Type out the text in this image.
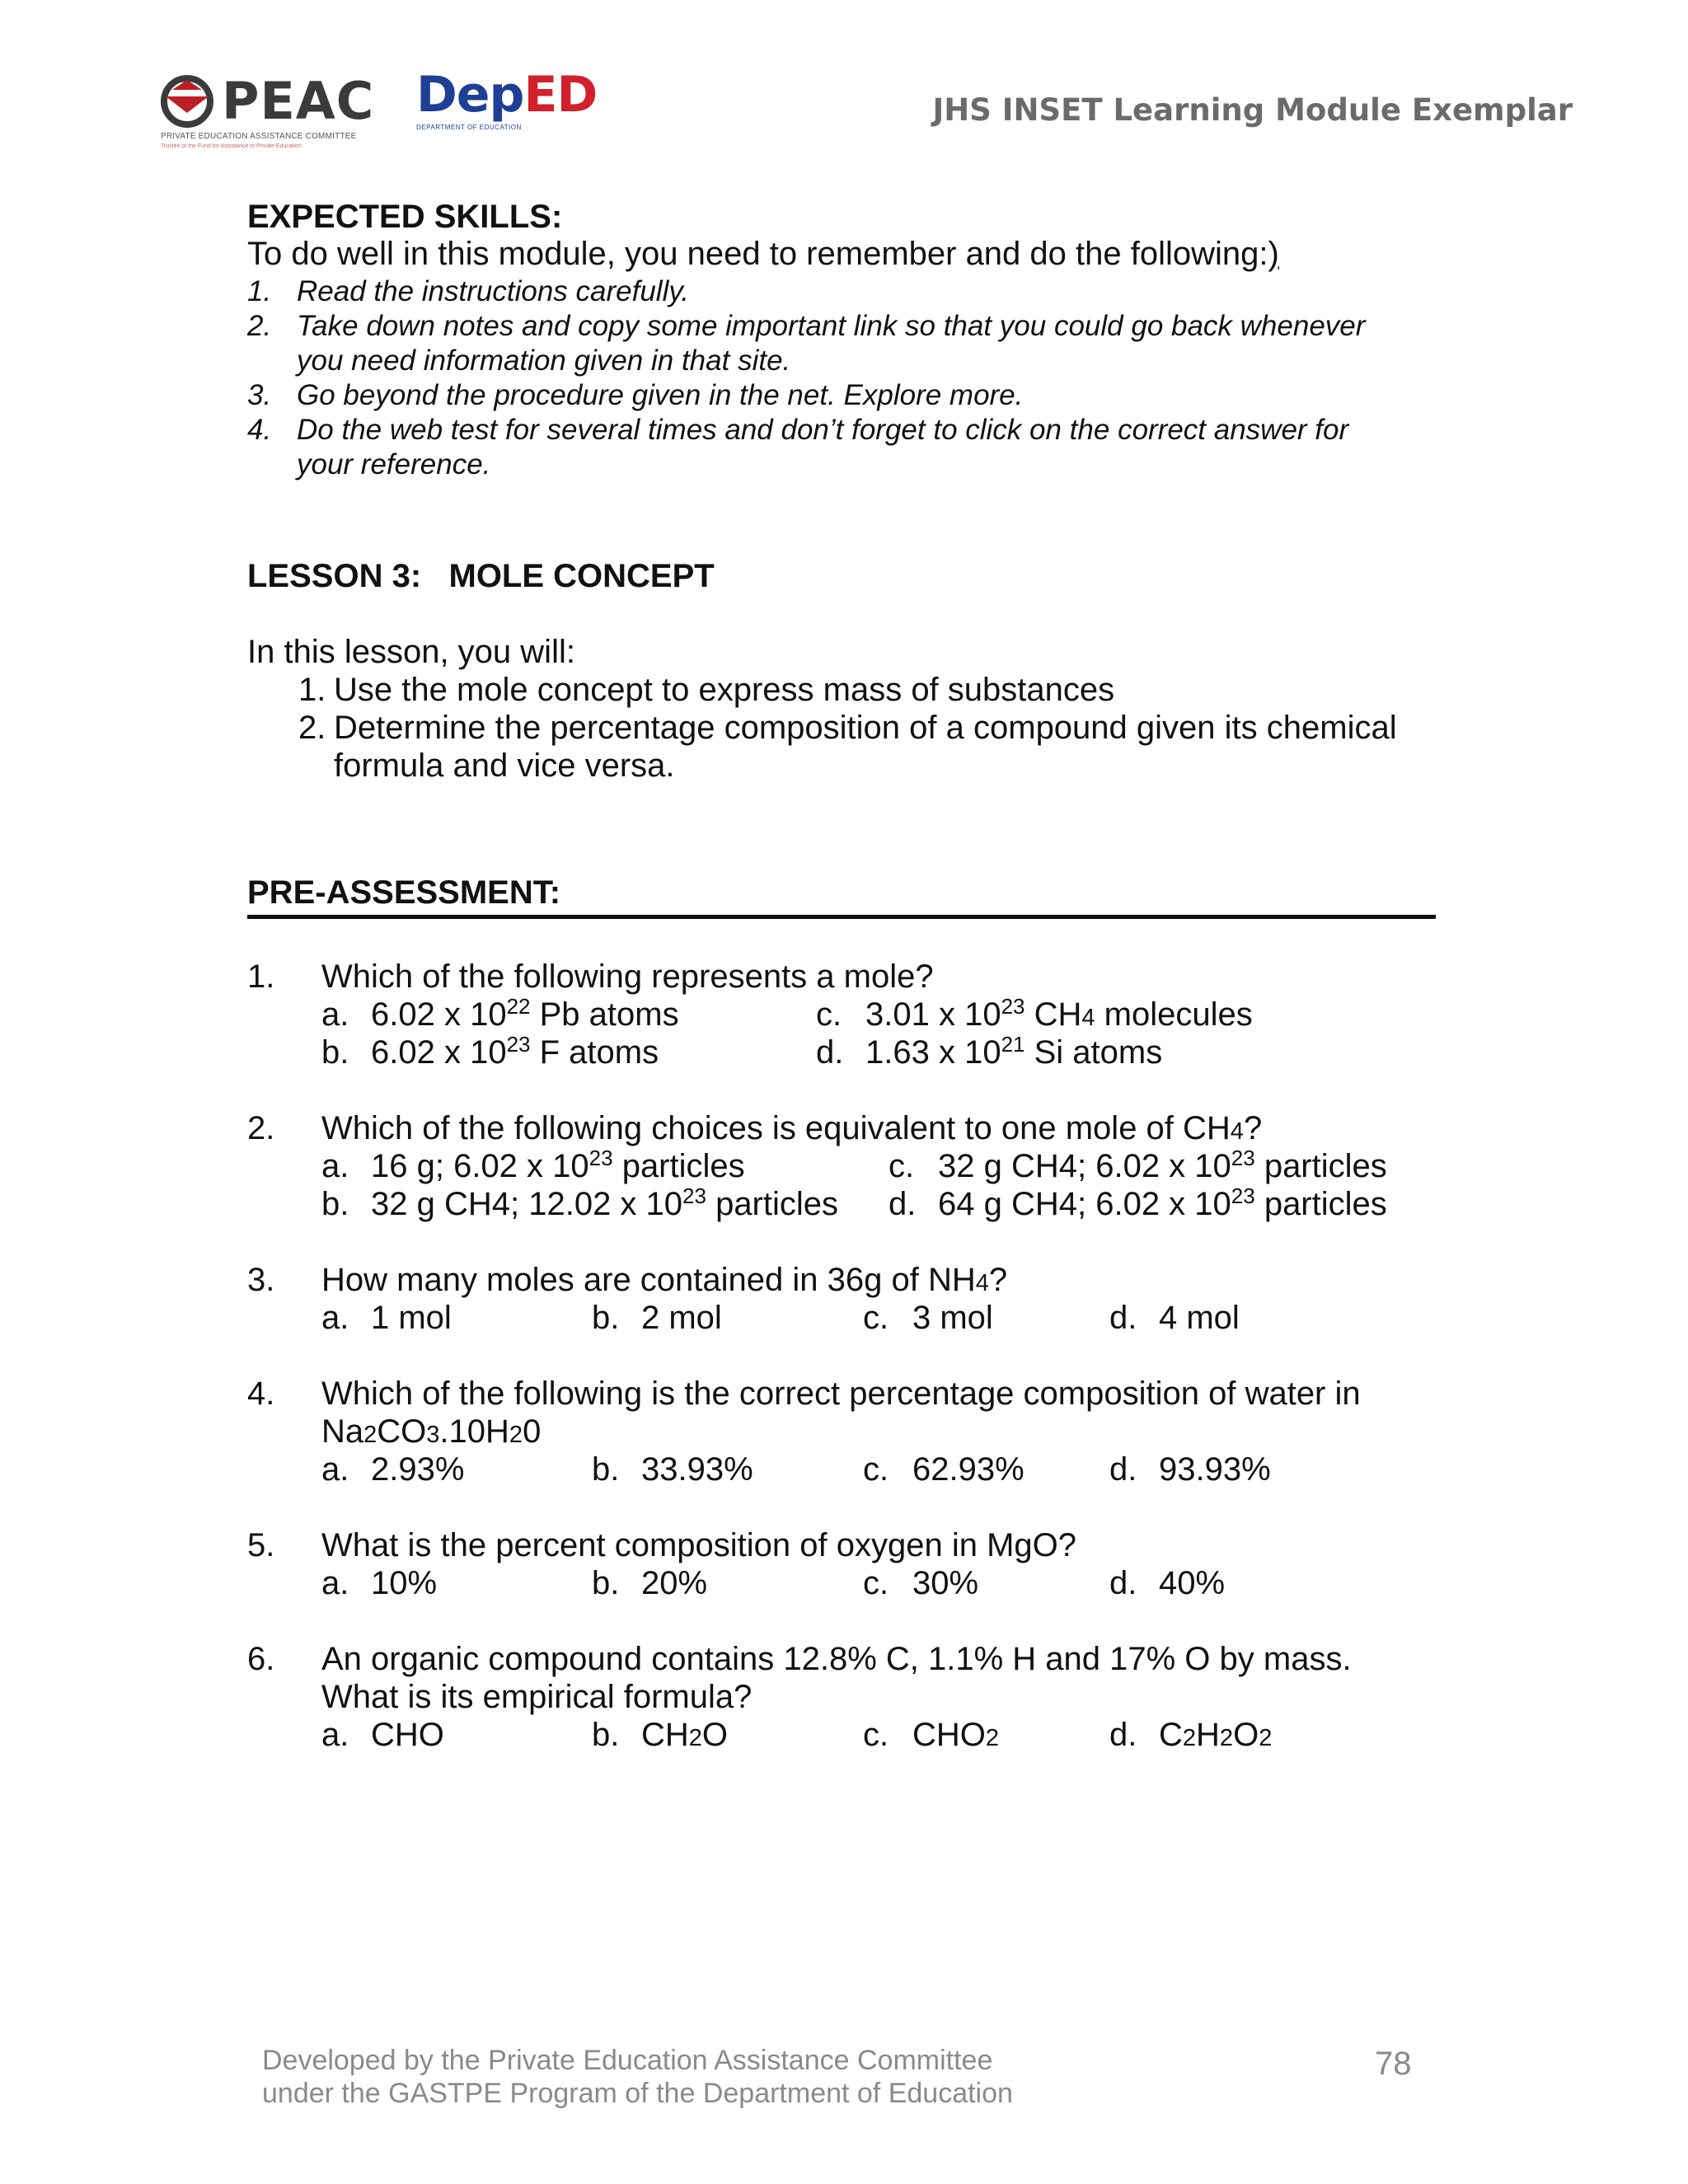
PEAC
PRIVATE EDUCATION ASSISTANCE COMMITTEE
Trustee of the Fund for Assistance to Private Education
DepED
DEPARTMENT OF EDUCATION	JHS INSET Learning Module Exemplar
EXPECTED SKILLS:
To do well in this module, you need to remember and do the following:)
1. Read the instructions carefully.
2. Take down notes and copy some important link so that you could go back whenever
you need information given in that site.
3. Go beyond the procedure given in the net. Explore more.
4. Do the web test for several times and don’t forget to click on the correct answer for
your reference.
LESSON 3:   MOLE CONCEPT
In this lesson, you will:
1. Use the mole concept to express mass of substances
2. Determine the percentage composition of a compound given its chemical
formula and vice versa.
PRE-ASSESSMENT:
1. Which of the following represents a mole?
a. 6.02 x $10^{22}$ Pb atoms
b. 6.02 x $10^{23}$ F atoms
c. 3.01 x $10^{23}$ CH4 molecules
d. 1.63 x $10^{21}$ Si atoms
2. Which of the following choices is equivalent to one mole of CH4?
a. 16 g; 6.02 x $10^{23}$ particles
b. 32 g CH4; 12.02 x $10^{23}$ particles
c. 32 g CH4; 6.02 x $10^{23}$ particles
d. 64 g CH4; 6.02 x $10^{23}$ particles
3. How many moles are contained in 36g of NH4?
a. 1 mol	b. 2 mol	c. 3 mol	d. 4 mol
4. Which of the following is the correct percentage composition of water in
Na2CO3.10H20
a. 2.93%	b. 33.93%	c. 62.93%	d. 93.93%
5. What is the percent composition of oxygen in MgO?
a. 10%	b. 20%	c. 30%	d. 40%
6. An organic compound contains 12.8% C, 1.1% H and 17% O by mass.
What is its empirical formula?
a. CHO	b. CH2O	c. CHO2	d. C2H2O2
Developed by the Private Education Assistance Committee
under the GASTPE Program of the Department of Education
78
